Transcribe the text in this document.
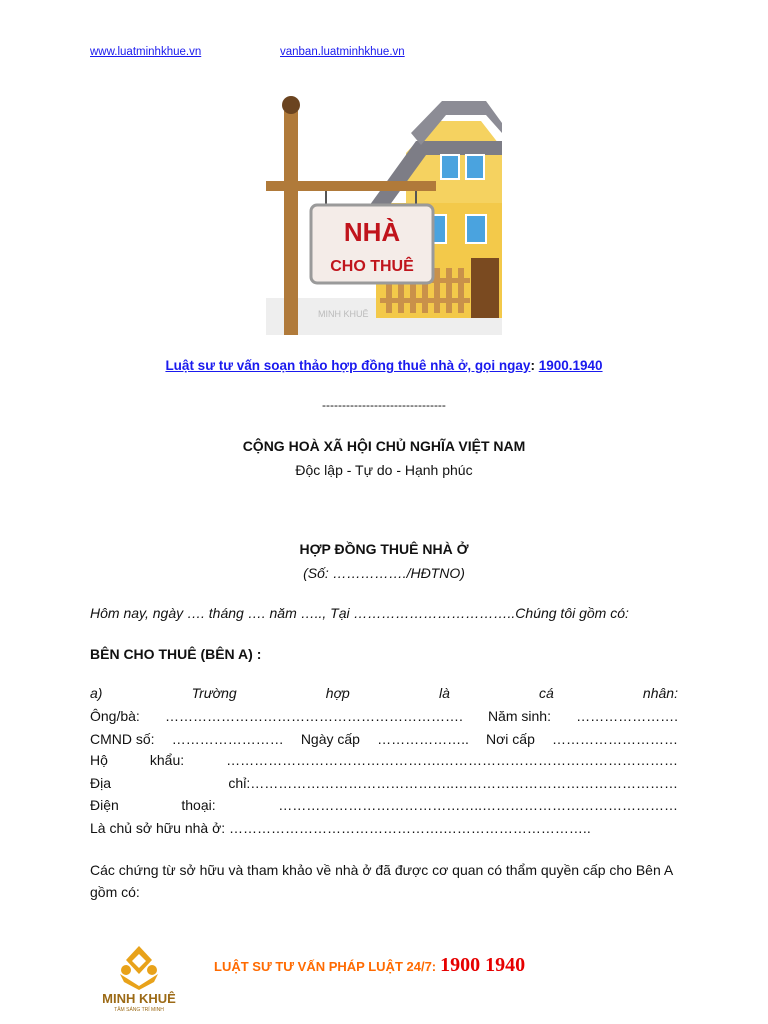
www.luatminhkhue.vn	vanban.luatminhkhue.vn
NHÀ
CHO THUÊ
MINH KHUÊ
Luật sư tư vấn soạn thảo hợp đồng thuê nhà ở, gọi ngay: 1900.1940
-------------------------------
CỘNG HOÀ XÃ HỘI CHỦ NGHĨA VIỆT NAM
Độc lập - Tự do - Hạnh phúc
HỢP ĐỒNG THUÊ NHÀ Ở
(Số: ……………./HĐTNO)
Hôm nay, ngày …. tháng …. năm ….., Tại ……………………………..Chúng tôi gồm có:
BÊN CHO THUÊ (BÊN A) :
a)	Trường	hợp	là	cá	nhân:
Ông/bà: ………………………………………………………. Năm sinh: ………………….
CMND số: …………………… Ngày cấp ……………….. Nơi cấp ………………………
Hộ	khẩu:	……………………………………….……………………………………………
Địa	chỉ:……………………………………..…………………………………………
Điện	thoại:	……………………………………..……………………………………
Là chủ sở hữu nhà ở: ……………………………………….…………………………..
Các chứng từ sở hữu và tham khảo về nhà ở đã được cơ quan có thẩm quyền cấp cho Bên A gồm có:
MINH KHUÊ
TÂM SÁNG TRÍ MINH
LUẬT SƯ TƯ VẤN PHÁP LUẬT 24/7: 1900 1940
